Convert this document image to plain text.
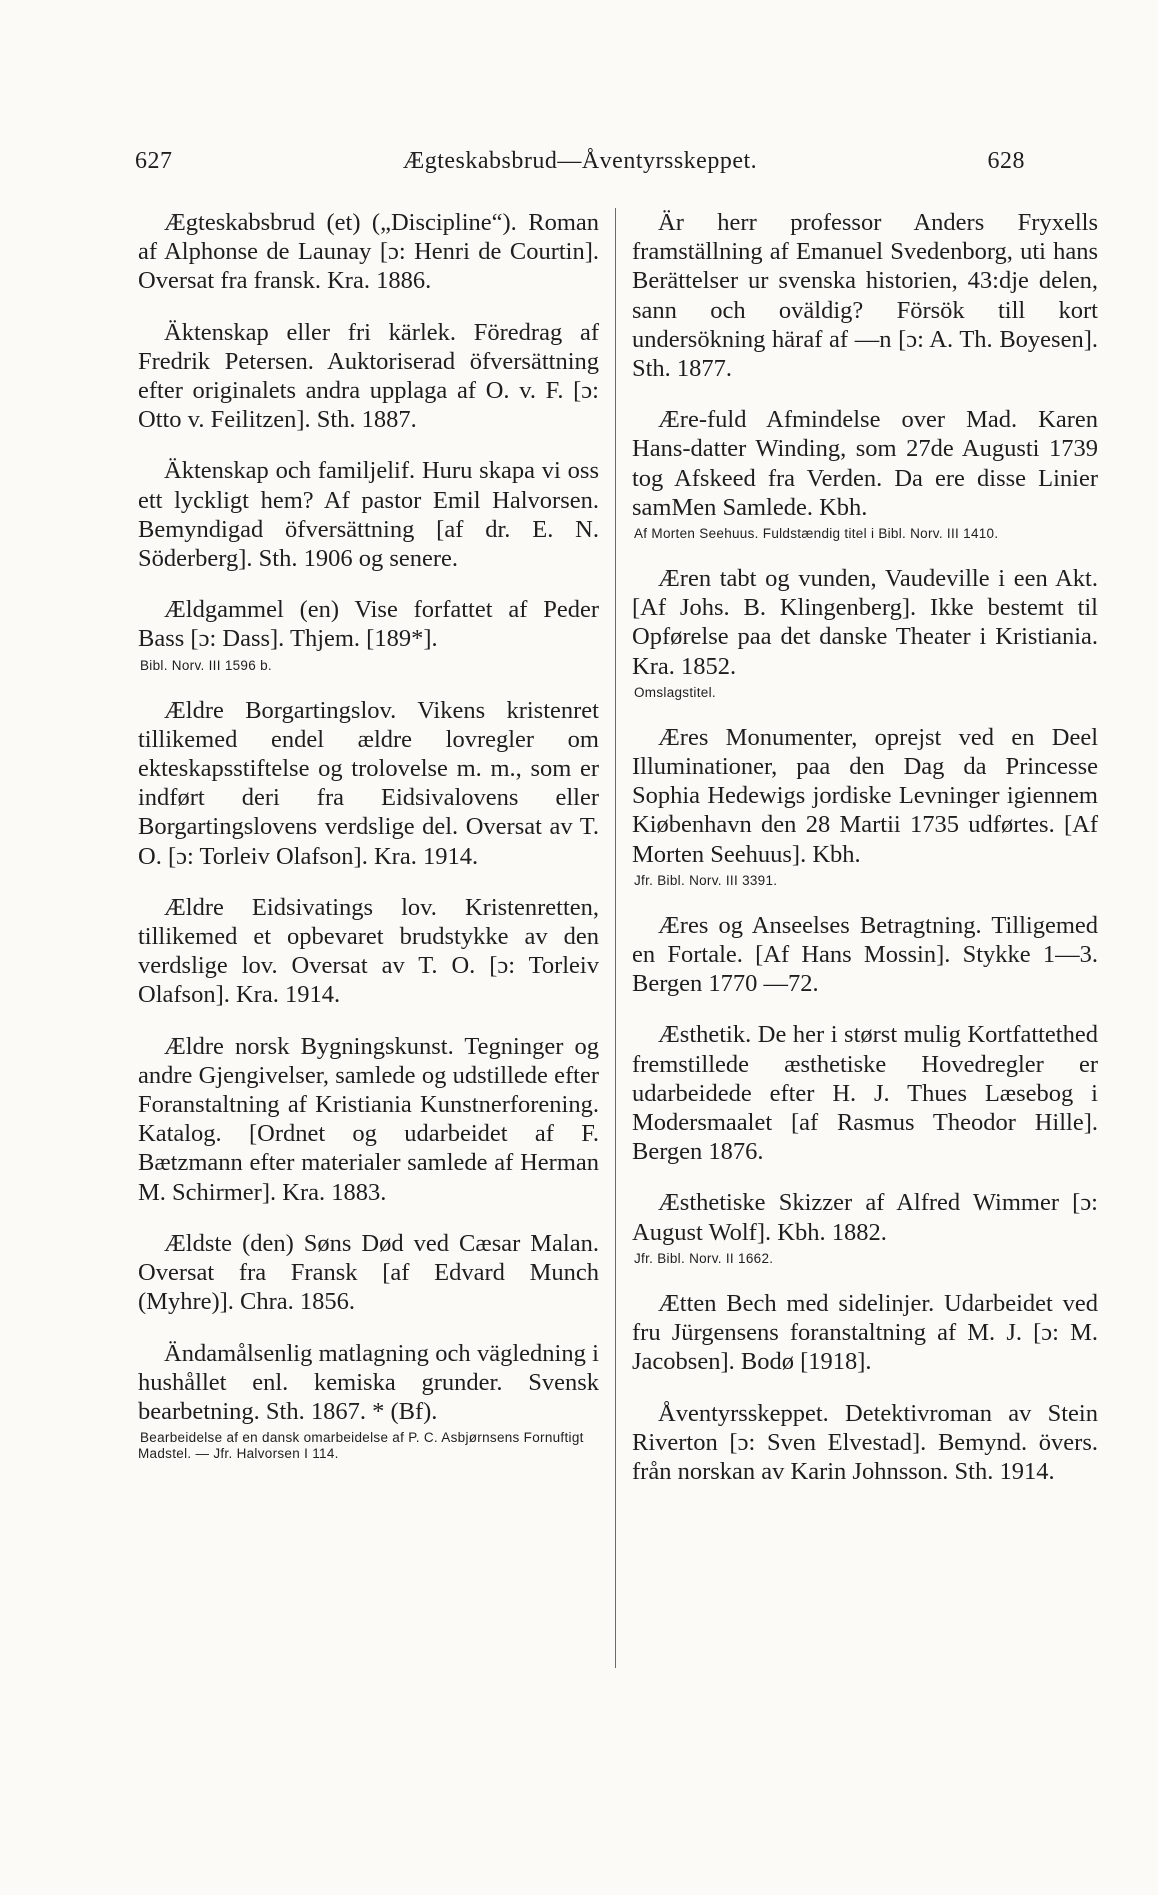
627	Ægteskabsbrud—Åventyrsskeppet.	628
Ægteskabsbrud (et) („Discipline“). Roman af Alphonse de Launay [ɔ: Henri de Courtin]. Oversat fra fransk. Kra. 1886.
Äktenskap eller fri kärlek. Föredrag af Fredrik Petersen. Auktoriserad öfversättning efter originalets andra upplaga af O. v. F. [ɔ: Otto v. Feilitzen]. Sth. 1887.
Äktenskap och familjelif. Huru skapa vi oss ett lyckligt hem? Af pastor Emil Halvorsen. Bemyndigad öfversättning [af dr. E. N. Söderberg]. Sth. 1906 og senere.
Ældgammel (en) Vise forfattet af Peder Bass [ɔ: Dass]. Thjem. [189*].
Bibl. Norv. III 1596 b.
Ældre Borgartingslov. Vikens kristenret tillikemed endel ældre lovregler om ekteskapsstiftelse og trolovelse m. m., som er indført deri fra Eidsivalovens eller Borgartingslovens verdslige del. Oversat av T. O. [ɔ: Torleiv Olafson]. Kra. 1914.
Ældre Eidsivatings lov. Kristenretten, tillikemed et opbevaret brudstykke av den verdslige lov. Oversat av T. O. [ɔ: Torleiv Olafson]. Kra. 1914.
Ældre norsk Bygningskunst. Tegninger og andre Gjengivelser, samlede og udstillede efter Foranstaltning af Kristiania Kunstnerforening. Katalog. [Ordnet og udarbeidet af F. Bætzmann efter materialer samlede af Herman M. Schirmer]. Kra. 1883.
Ældste (den) Søns Død ved Cæsar Malan. Oversat fra Fransk [af Edvard Munch (Myhre)]. Chra. 1856.
Ändamålsenlig matlagning och vägledning i hushållet enl. kemiska grunder. Svensk bearbetning. Sth. 1867. * (Bf).
Bearbeidelse af en dansk omarbeidelse af P. C. Asbjørnsens Fornuftigt Madstel. — Jfr. Halvorsen I 114.
Är herr professor Anders Fryxells framställning af Emanuel Svedenborg, uti hans Berättelser ur svenska historien, 43:dje delen, sann och oväldig? Försök till kort undersökning häraf af —n [ɔ: A. Th. Boyesen]. Sth. 1877.
Ære-fuld Afmindelse over Mad. Karen Hans-datter Winding, som 27de Augusti 1739 tog Afskeed fra Verden. Da ere disse Linier samMen Samlede. Kbh.
Af Morten Seehuus. Fuldstændig titel i Bibl. Norv. III 1410.
Æren tabt og vunden, Vaudeville i een Akt. [Af Johs. B. Klingenberg]. Ikke bestemt til Opførelse paa det danske Theater i Kristiania. Kra. 1852.
Omslagstitel.
Æres Monumenter, oprejst ved en Deel Illuminationer, paa den Dag da Princesse Sophia Hedewigs jordiske Levninger igiennem Kiøbenhavn den 28 Martii 1735 udførtes. [Af Morten Seehuus]. Kbh.
Jfr. Bibl. Norv. III 3391.
Æres og Anseelses Betragtning. Tilligemed en Fortale. [Af Hans Mossin]. Stykke 1—3. Bergen 1770 —72.
Æsthetik. De her i størst mulig Kortfattethed fremstillede æsthetiske Hovedregler er udarbeidede efter H. J. Thues Læsebog i Modersmaalet [af Rasmus Theodor Hille]. Bergen 1876.
Æsthetiske Skizzer af Alfred Wimmer [ɔ: August Wolf]. Kbh. 1882.
Jfr. Bibl. Norv. II 1662.
Ætten Bech med sidelinjer. Udarbeidet ved fru Jürgensens foranstaltning af M. J. [ɔ: M. Jacobsen]. Bodø [1918].
Åventyrsskeppet. Detektivroman av Stein Riverton [ɔ: Sven Elvestad]. Bemynd. övers. från norskan av Karin Johnsson. Sth. 1914.
